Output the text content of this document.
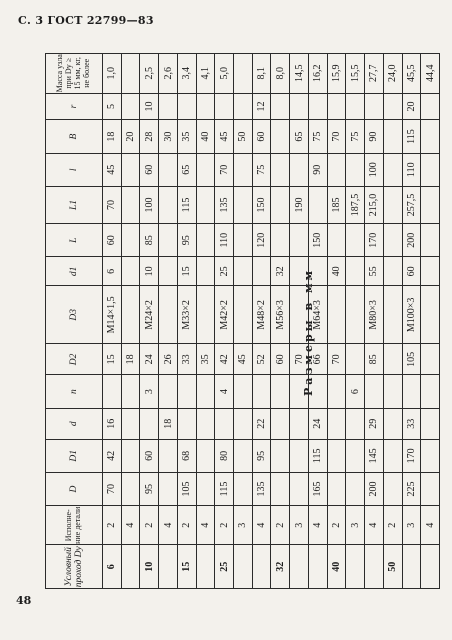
С. 3 ГОСТ 22799—83
Размеры в мм
Условный проход Dy	Исполне-ние детали	D	D1	d	n	D2	D3	d1	L	L1	l	B	r	Масса узла при Dy ≥ 15 мм, кг, не более
6	2	70	42	16		15	M14×1,5	6	60	70	45	18	5	1,0
	4					18						20		
10	2	95	60		3	24	M24×2	10	85	100	60	28	10	2,5
	4			18		26						30		2,6
15	2	105	68			33	M33×2	15	95	115	65	35		3,4
	4					35						40		4,1
25	2	115	80		4	42	M42×2	25	110	135	70	45		5,0
	3					45						50		
	4	135	95	22		52	M48×2		120	150	75	60	12	8,1
32	2					60	M56×3	32						8,0
	3					70				190		65		14,5
	4	165	115	24		66	M64×3		150		90	75		16,2
40	2					70		40		185		70		15,9
	3				6					187,5		75		15,5
	4	200	145	29		85	M80×3	55	170	215,0	100	90		27,7
50	2													24,0
	3	225	170	33		105	M100×3	60	200	257,5	110	115	20	45,5
	4													44,4
48
